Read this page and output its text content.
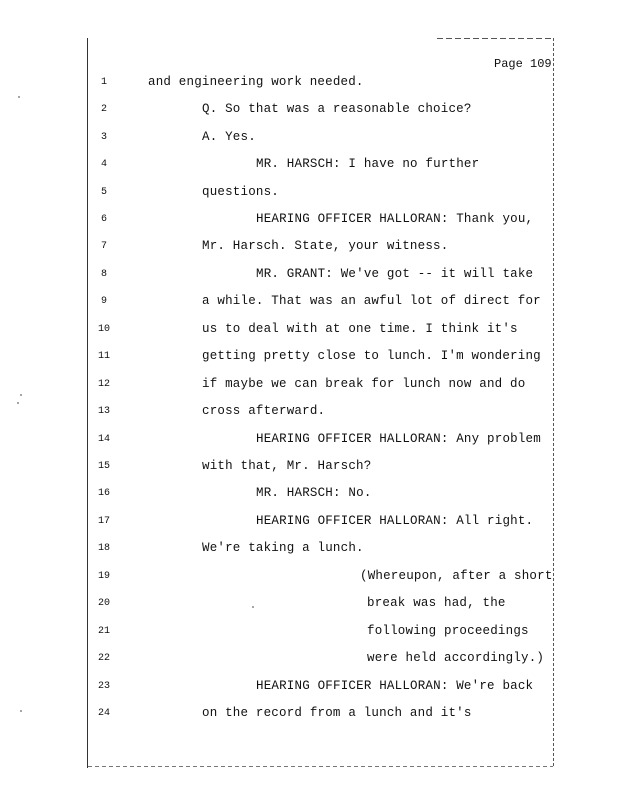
Page 109
1
2
3
4
5
6
7
8
9
10
11
12
13
14
15
16
17
18
19
20
21
22
23
24
and engineering work needed.
Q. So that was a reasonable choice?
A. Yes.
MR. HARSCH: I have no further
questions.
HEARING OFFICER HALLORAN: Thank you,
Mr. Harsch. State, your witness.
MR. GRANT: We've got -- it will take
a while. That was an awful lot of direct for
us to deal with at one time. I think it's
getting pretty close to lunch. I'm wondering
if maybe we can break for lunch now and do
cross afterward.
HEARING OFFICER HALLORAN: Any problem
with that, Mr. Harsch?
MR. HARSCH: No.
HEARING OFFICER HALLORAN: All right.
We're taking a lunch.
(Whereupon, after a short
break was had, the
following proceedings
were held accordingly.)
HEARING OFFICER HALLORAN: We're back
on the record from a lunch and it's
